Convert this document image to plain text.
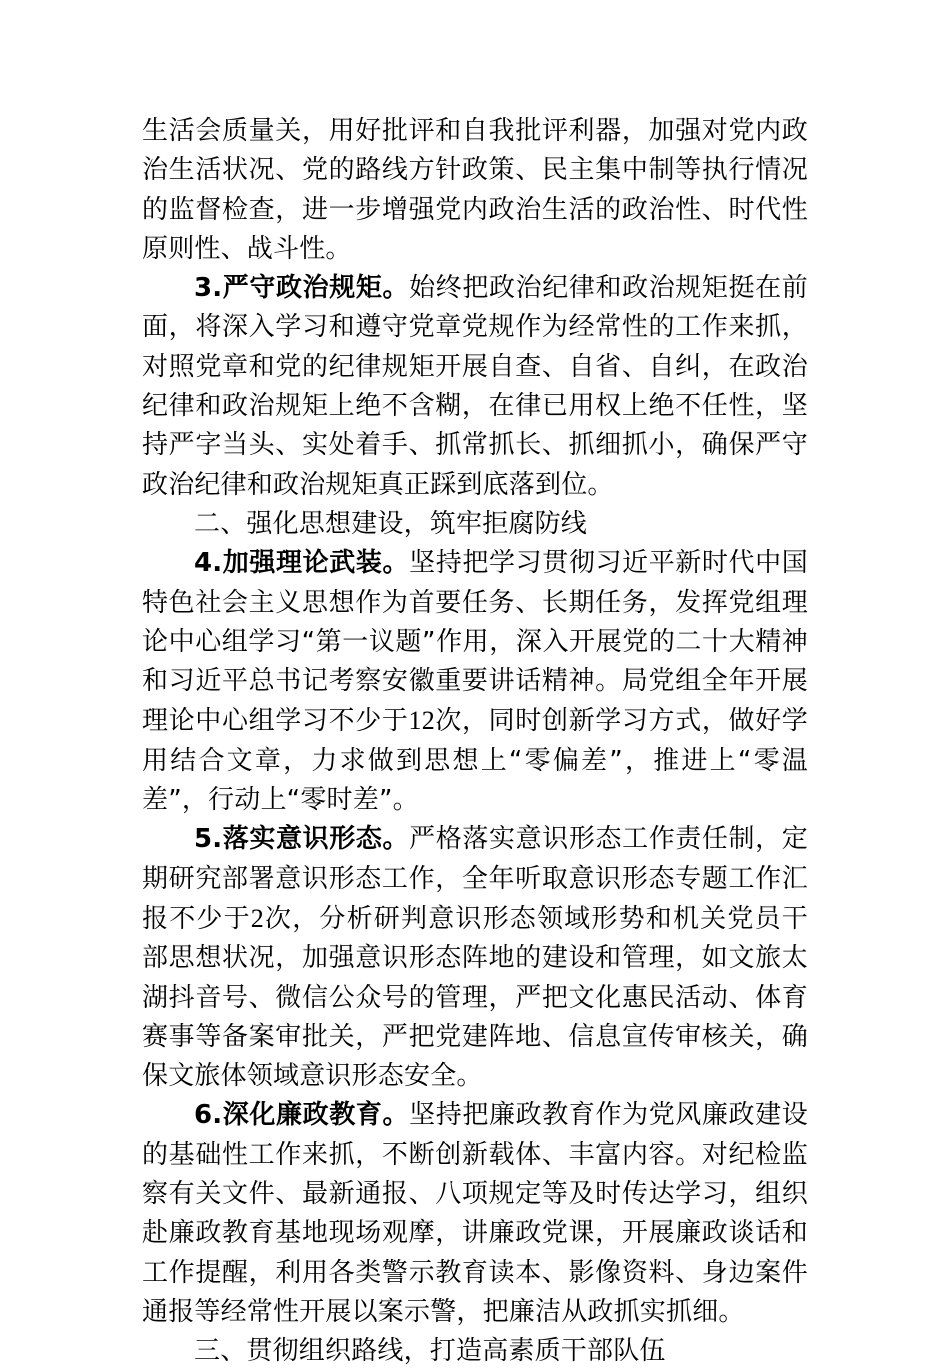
生活会质量关，用好批评和自我批评利器，加强对党内政治生活状况、党的路线方针政策、民主集中制等执行情况的监督检查，进一步增强党内政治生活的政治性、时代性原则性、战斗性。

3.严守政治规矩。始终把政治纪律和政治规矩挺在前面，将深入学习和遵守党章党规作为经常性的工作来抓，对照党章和党的纪律规矩开展自查、自省、自纠，在政治纪律和政治规矩上绝不含糊，在律已用权上绝不任性，坚持严字当头、实处着手、抓常抓长、抓细抓小，确保严守政治纪律和政治规矩真正踩到底落到位。

二、强化思想建设，筑牢拒腐防线

4.加强理论武装。坚持把学习贯彻习近平新时代中国特色社会主义思想作为首要任务、长期任务，发挥党组理论中心组学习“第一议题”作用，深入开展党的二十大精神和习近平总书记考察安徽重要讲话精神。局党组全年开展理论中心组学习不少于12次，同时创新学习方式，做好学用结合文章，力求做到思想上“零偏差”，推进上“零温差”，行动上“零时差”。

5.落实意识形态。严格落实意识形态工作责任制，定期研究部署意识形态工作，全年听取意识形态专题工作汇报不少于2次，分析研判意识形态领域形势和机关党员干部思想状况，加强意识形态阵地的建设和管理，如文旅太湖抖音号、微信公众号的管理，严把文化惠民活动、体育赛事等备案审批关，严把党建阵地、信息宣传审核关，确保文旅体领域意识形态安全。

6.深化廉政教育。坚持把廉政教育作为党风廉政建设的基础性工作来抓，不断创新载体、丰富内容。对纪检监察有关文件、最新通报、八项规定等及时传达学习，组织赴廉政教育基地现场观摩，讲廉政党课，开展廉政谈话和工作提醒，利用各类警示教育读本、影像资料、身边案件通报等经常性开展以案示警，把廉洁从政抓实抓细。

三、贯彻组织路线，打造高素质干部队伍
